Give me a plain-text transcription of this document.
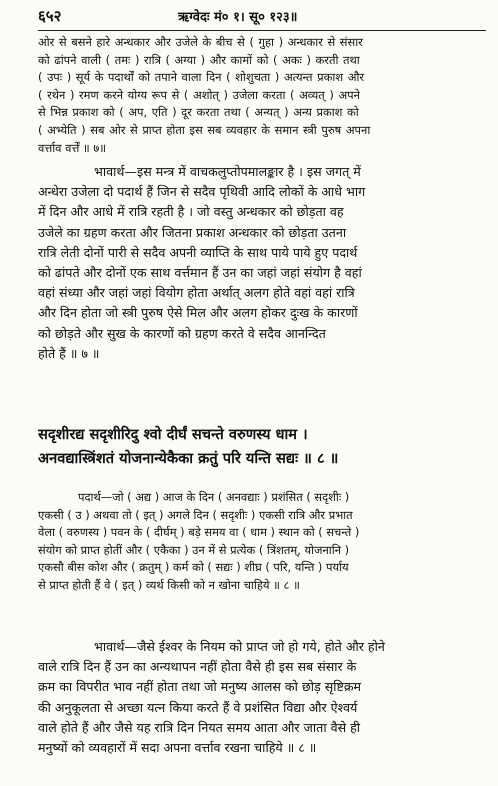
६५२	ऋग्वेदः मं० १। सू० १२३॥
ओर से बसने हारे अन्धकार और उजेले के बीच से ( गुहा ) अन्धकार से संसार
को ढांपने वाली ( तमः ) रात्रि ( अग्या ) और कामों को ( अकः ) करती तथा
( उपः ) सूर्य के पदार्थों को तपाने वाला दिन ( शोशुचता ) अत्यन्त प्रकाश और
( रथेन ) रमण करने योग्य रूप से ( अशोत् ) उजेला करता ( अव्यत् ) अपने
से भिन्न प्रकाश को ( अप, एति ) दूर करता तथा ( अन्यत् ) अन्य प्रकाश को
( अभ्येति ) सब ओर से प्राप्त होता इस सब व्यवहार के समान स्त्री पुरुष अपना
वर्त्ताव वर्त्तें ॥ ७॥
भावार्थ—इस मन्त्र में वाचकलुप्तोपमालङ्कार है । इस जगत् में
अन्धेरा उजेला दो पदार्थ हैं जिन से सदैव पृथिवी आदि लोकों के आधे भाग
में दिन और आधे में रात्रि रहती है । जो वस्तु अन्धकार को छोड़ता वह
उजेले का ग्रहण करता और जितना प्रकाश अन्धकार को छोड़ता उतना
रात्रि लेती दोनों पारी से सदैव अपनी व्याप्ति के साथ पाये पाये हुए पदार्थ
को ढांपते और दोनों एक साथ वर्त्तमान हैं उन का जहां जहां संयोग है वहां
वहां संध्या और जहां जहां वियोग होता अर्थात् अलग होते वहां वहां रात्रि
और दिन होता जो स्त्री पुरुष ऐसे मिल और अलग होकर दुःख के कारणों
को छोड़ते और सुख के कारणों को ग्रहण करते वे सदैव आनन्दित
होते हैं ॥ ७ ॥
सदृशीरद्य सदृशीरिदु श्वो दीर्घं सचन्ते वरुणस्य धाम ।
अनवद्यास्त्रिंशतं योजनान्येकैका क्रतुं परि यन्ति सद्यः ॥ ८ ॥
पदार्थ—जो ( अद्य ) आज के दिन ( अनवद्याः ) प्रशंसित ( सदृशीः )
एकसी ( उ ) अथवा तो ( इत् ) अगले दिन ( सदृशीः ) एकसी रात्रि और प्रभात
वेला ( वरुणस्य ) पवन के ( दीर्घम् ) बड़े समय वा ( धाम ) स्थान को ( सचन्ते )
संयोग को प्राप्त होतीं और ( एकैका ) उन में से प्रत्येक ( त्रिंशतम्, योजनानि )
एकसौ बीस कोश और ( क्रतुम् ) कर्म को ( सद्यः ) शीघ्र ( परि, यन्ति ) पर्याय
से प्राप्त होती हैं वे ( इत् ) व्यर्थ किसी को न खोना चाहिये ॥ ८ ॥
भावार्थ—जैसे ईश्वर के नियम को प्राप्त जो हो गये, होते और होने
वाले रात्रि दिन हैं उन का अन्यथापन नहीं होता वैसे ही इस सब संसार के
क्रम का विपरीत भाव नहीं होता तथा जो मनुष्य आलस को छोड़ सृष्टिक्रम
की अनुकूलता से अच्छा यत्न किया करते हैं वे प्रशंसित विद्या और ऐश्वर्य
वाले होते हैं और जैसे यह रात्रि दिन नियत समय आता और जाता वैसे ही
मनुष्यों को व्यवहारों में सदा अपना वर्त्ताव रखना चाहिये ॥ ८ ॥
